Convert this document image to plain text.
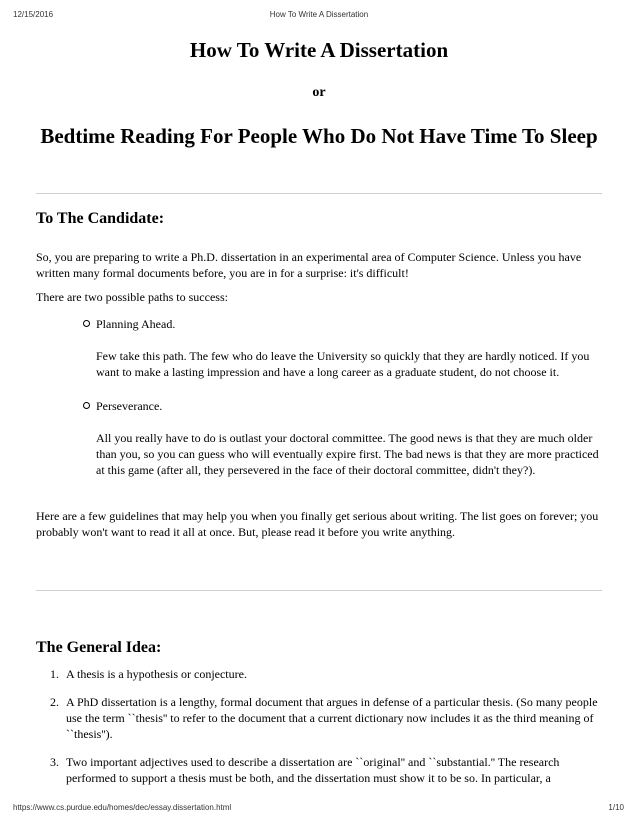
12/15/2016	How To Write A Dissertation
How To Write A Dissertation
or
Bedtime Reading For People Who Do Not Have Time To Sleep
To The Candidate:

So, you are preparing to write a Ph.D. dissertation in an experimental area of Computer Science. Unless you have written many formal documents before, you are in for a surprise: it's difficult!

There are two possible paths to success:

Planning Ahead.

Few take this path. The few who do leave the University so quickly that they are hardly noticed. If you want to make a lasting impression and have a long career as a graduate student, do not choose it.

Perseverance.

All you really have to do is outlast your doctoral committee. The good news is that they are much older than you, so you can guess who will eventually expire first. The bad news is that they are more practiced at this game (after all, they persevered in the face of their doctoral committee, didn't they?).

Here are a few guidelines that may help you when you finally get serious about writing. The list goes on forever; you probably won't want to read it all at once. But, please read it before you write anything.

The General Idea:
1. A thesis is a hypothesis or conjecture.
2. A PhD dissertation is a lengthy, formal document that argues in defense of a particular thesis. (So many people use the term ``thesis'' to refer to the document that a current dictionary now includes it as the third meaning of ``thesis'').
3. Two important adjectives used to describe a dissertation are ``original'' and ``substantial.'' The research performed to support a thesis must be both, and the dissertation must show it to be so. In particular, a
https://www.cs.purdue.edu/homes/dec/essay.dissertation.html	1/10
